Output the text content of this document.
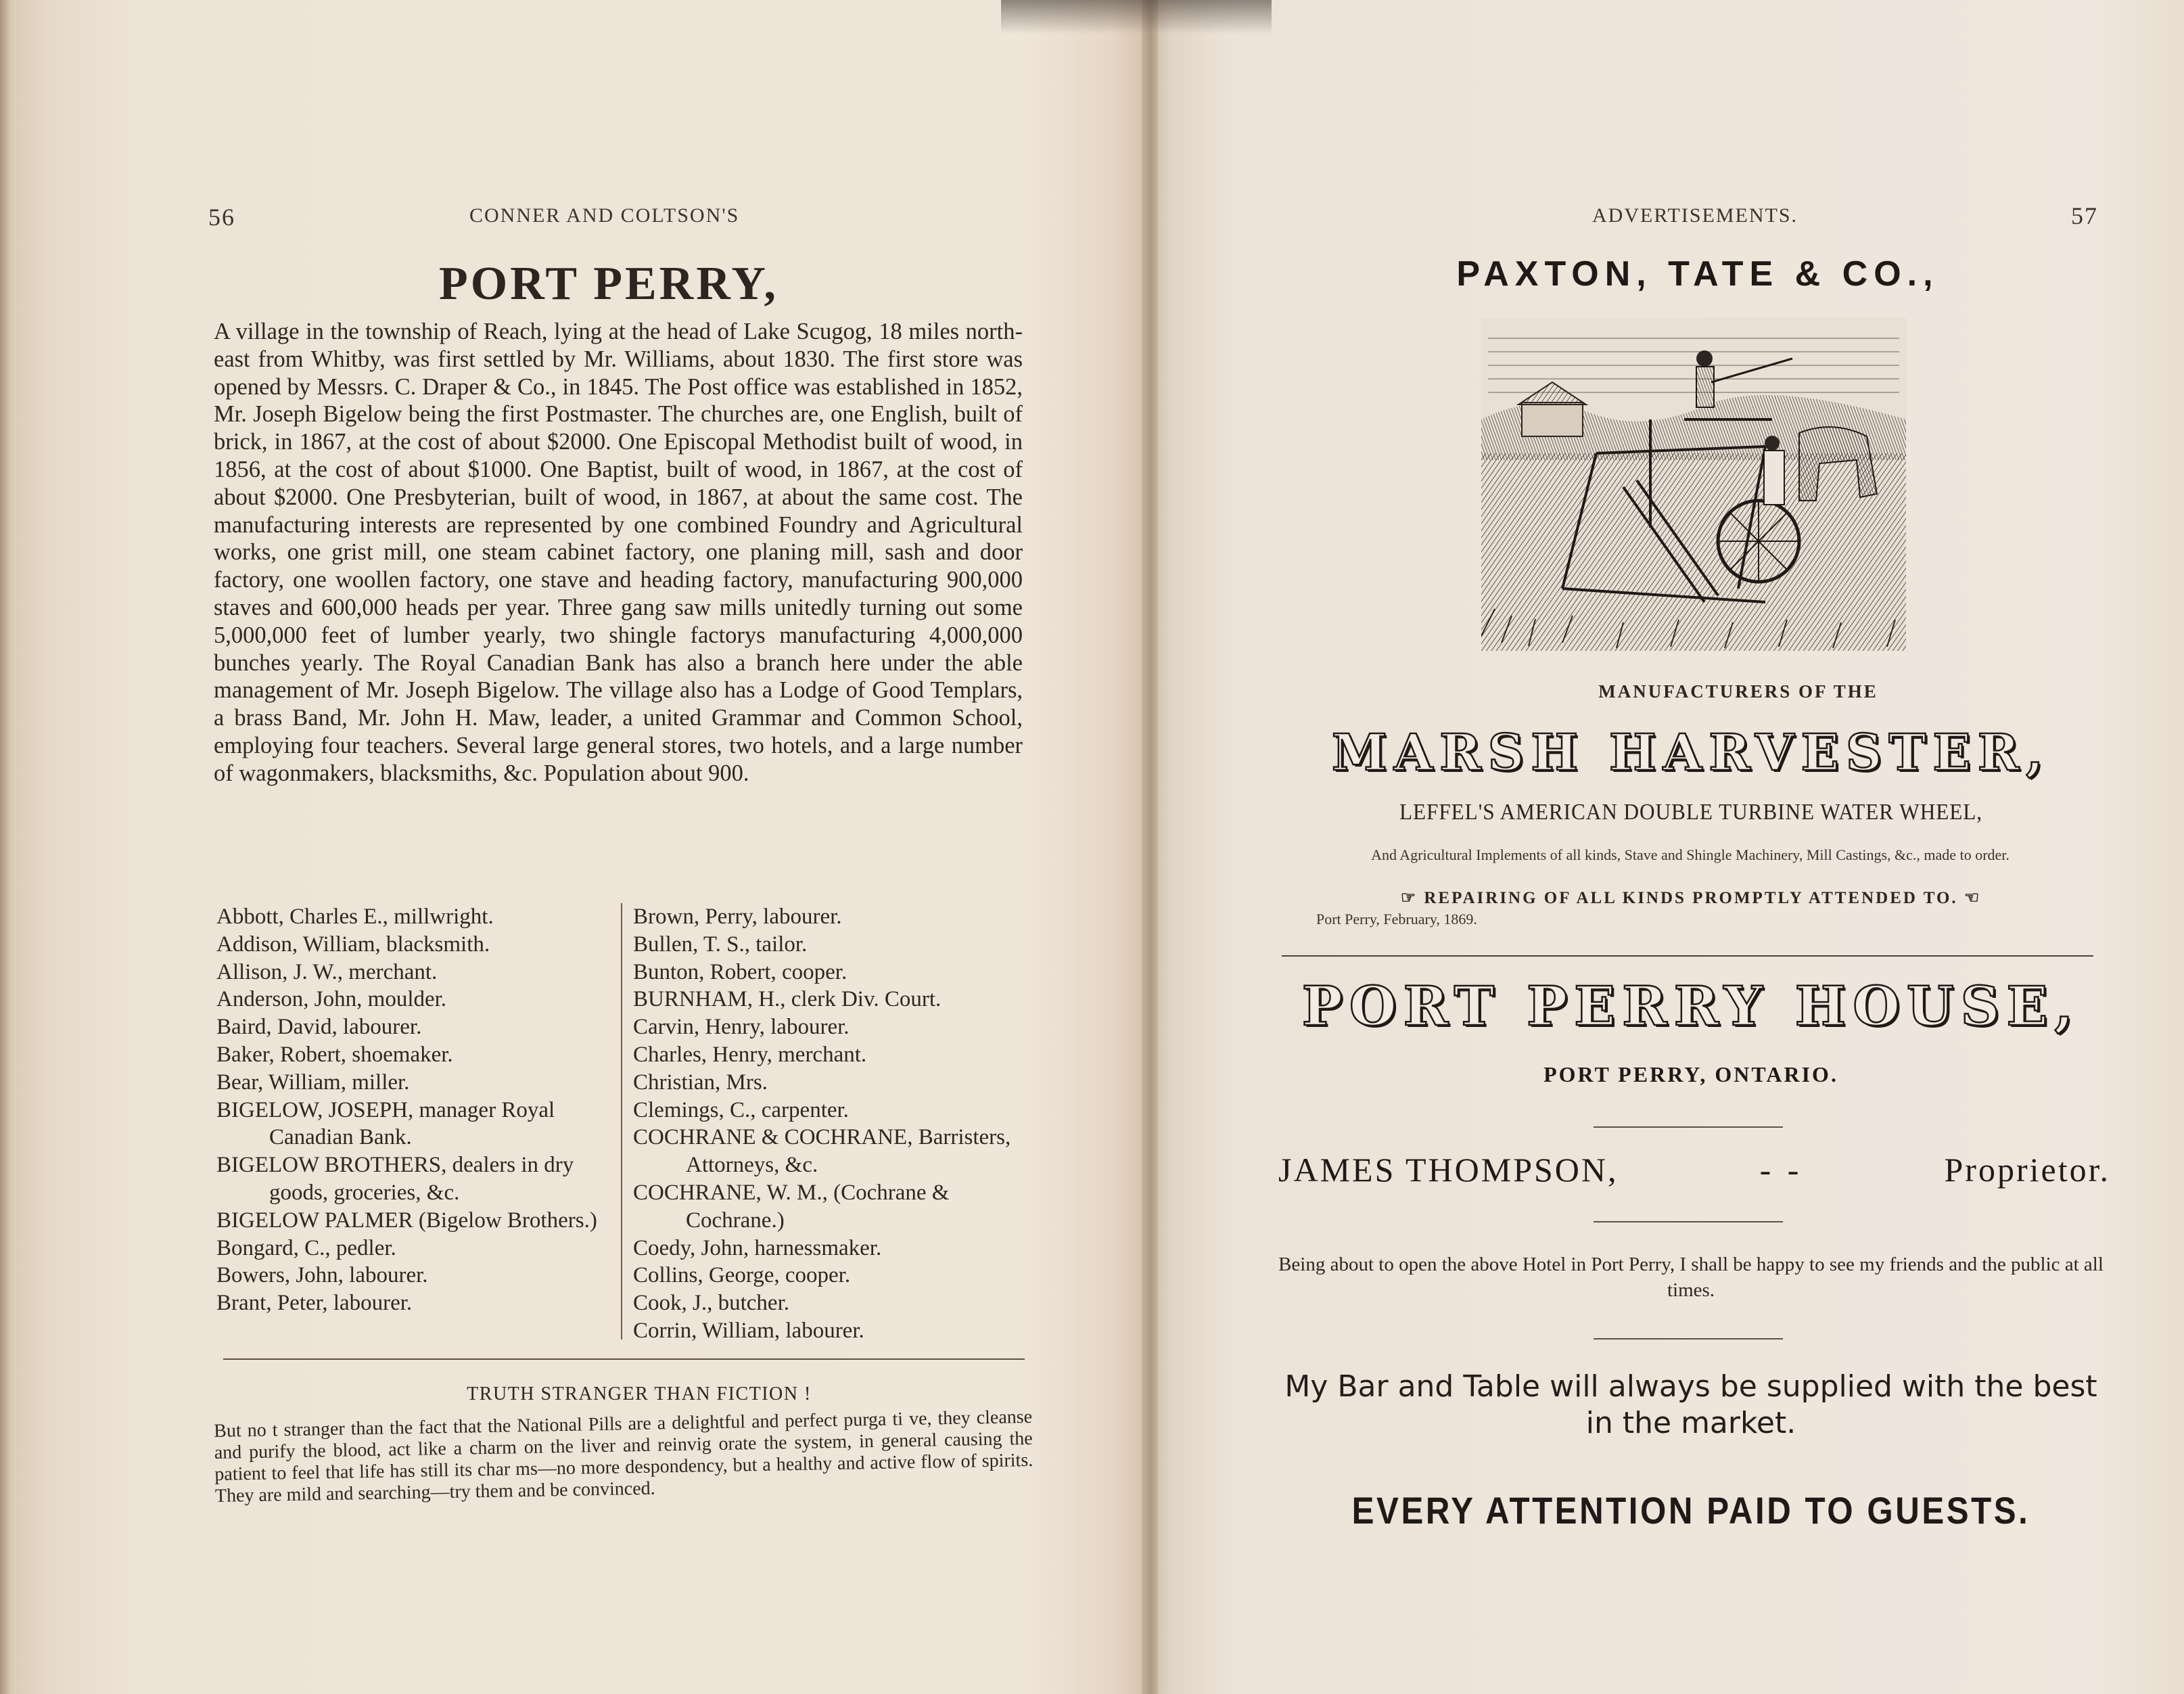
56	CONNER AND COLTSON'S
PORT PERRY,
A village in the township of Reach, lying at the head of Lake Scugog, 18 miles north-east from Whitby, was first settled by Mr. Williams, about 1830. The first store was opened by Messrs. C. Draper & Co., in 1845. The Post office was established in 1852, Mr. Joseph Bigelow being the first Postmaster. The churches are, one English, built of brick, in 1867, at the cost of about $2000. One Episcopal Methodist built of wood, in 1856, at the cost of about $1000. One Baptist, built of wood, in 1867, at the cost of about $2000. One Presbyterian, built of wood, in 1867, at about the same cost. The manufacturing interests are represented by one combined Foundry and Agricultural works, one grist mill, one steam cabinet factory, one planing mill, sash and door factory, one woollen factory, one stave and heading factory, manufacturing 900,000 staves and 600,000 heads per year. Three gang saw mills unitedly turning out some 5,000,000 feet of lumber yearly, two shingle factorys manufacturing 4,000,000 bunches yearly. The Royal Canadian Bank has also a branch here under the able management of Mr. Joseph Bigelow. The village also has a Lodge of Good Templars, a brass Band, Mr. John H. Maw, leader, a united Grammar and Common School, employing four teachers. Several large general stores, two hotels, and a large number of wagonmakers, blacksmiths, &c. Population about 900.
Abbott, Charles E., millwright.
Addison, William, blacksmith.
Allison, J. W., merchant.
Anderson, John, moulder.
Baird, David, labourer.
Baker, Robert, shoemaker.
Bear, William, miller.
BIGELOW, JOSEPH, manager Royal Canadian Bank.
BIGELOW BROTHERS, dealers in dry goods, groceries, &c.
BIGELOW PALMER (Bigelow Brothers.)
Bongard, C., pedler.
Bowers, John, labourer.
Brant, Peter, labourer.
Brown, Perry, labourer.
Bullen, T. S., tailor.
Bunton, Robert, cooper.
BURNHAM, H., clerk Div. Court.
Carvin, Henry, labourer.
Charles, Henry, merchant.
Christian, Mrs.
Clemings, C., carpenter.
COCHRANE & COCHRANE, Barristers, Attorneys, &c.
COCHRANE, W. M., (Cochrane & Cochrane.)
Coedy, John, harnessmaker.
Collins, George, cooper.
Cook, J., butcher.
Corrin, William, labourer.
TRUTH STRANGER THAN FICTION !
But no t stranger than the fact that the National Pills are a delightful and perfect purga ti ve, they cleanse and purify the blood, act like a charm on the liver and reinvig orate the system, in general causing the patient to feel that life has still its char ms—no more despondency, but a healthy and active flow of spirits. They are mild and searching—try them and be convinced.
ADVERTISEMENTS.	57
PAXTON, TATE & CO.,
MANUFACTURERS OF THE
MARSH HARVESTER,
LEFFEL'S AMERICAN DOUBLE TURBINE WATER WHEEL,
And Agricultural Implements of all kinds, Stave and Shingle Machinery, Mill Castings, &c., made to order.
☞ REPAIRING OF ALL KINDS PROMPTLY ATTENDED TO. ☜
Port Perry, February, 1869.
PORT PERRY HOUSE,
PORT PERRY, ONTARIO.
JAMES THOMPSON,	- -	Proprietor.
Being about to open the above Hotel in Port Perry, I shall be happy to see my friends and the public at all times.
My Bar and Table will always be supplied with the best in the market.
EVERY ATTENTION PAID TO GUESTS.
